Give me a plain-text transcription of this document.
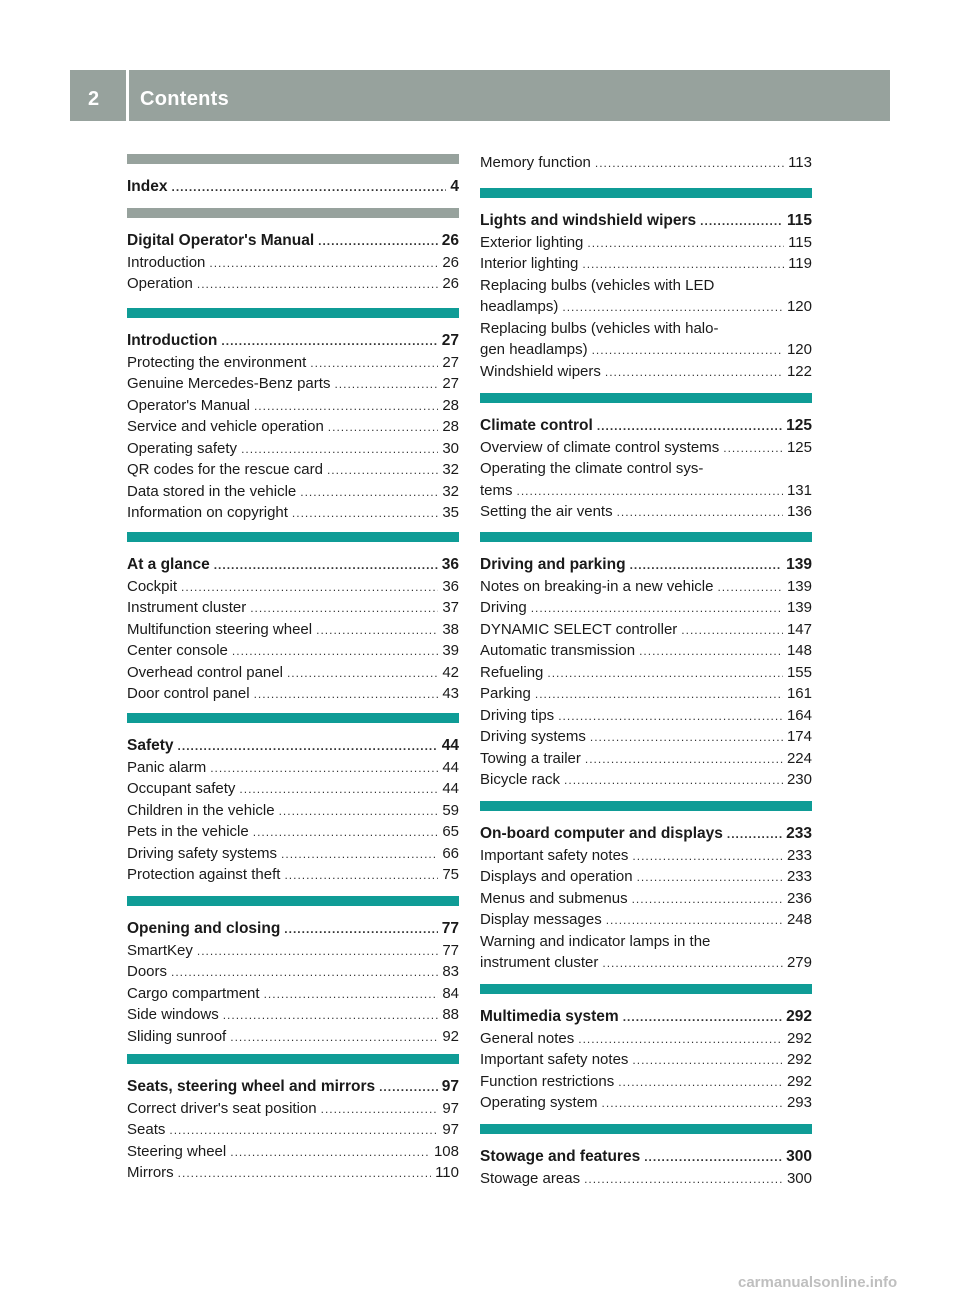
2 Contents
Index .....	4
Digital Operator's Manual .....	26
Introduction .....	26
Operation .....	26
Introduction .....	27
Protecting the environment .....	27
Genuine Mercedes-Benz parts .....	27
Operator's Manual .....	28
Service and vehicle operation .....	28
Operating safety .....	30
QR codes for the rescue card .....	32
Data stored in the vehicle .....	32
Information on copyright .....	35
At a glance .....	36
Cockpit .....	36
Instrument cluster .....	37
Multifunction steering wheel .....	38
Center console .....	39
Overhead control panel .....	42
Door control panel .....	43
Safety .....	44
Panic alarm .....	44
Occupant safety .....	44
Children in the vehicle .....	59
Pets in the vehicle .....	65
Driving safety systems .....	66
Protection against theft .....	75
Opening and closing .....	77
SmartKey .....	77
Doors .....	83
Cargo compartment .....	84
Side windows .....	88
Sliding sunroof .....	92
Seats, steering wheel and mirrors .....	97
Correct driver's seat position .....	97
Seats .....	97
Steering wheel .....	108
Mirrors .....	110
Memory function .....	113
Lights and windshield wipers .....	115
Exterior lighting .....	115
Interior lighting .....	119
Replacing bulbs (vehicles with LED
headlamps) .....	120
Replacing bulbs (vehicles with halo-
gen headlamps) .....	120
Windshield wipers .....	122
Climate control .....	125
Overview of climate control systems .....	125
Operating the climate control sys-
tems .....	131
Setting the air vents .....	136
Driving and parking .....	139
Notes on breaking-in a new vehicle .....	139
Driving .....	139
DYNAMIC SELECT controller .....	147
Automatic transmission .....	148
Refueling .....	155
Parking .....	161
Driving tips .....	164
Driving systems .....	174
Towing a trailer .....	224
Bicycle rack .....	230
On-board computer and displays .....	233
Important safety notes .....	233
Displays and operation .....	233
Menus and submenus .....	236
Display messages .....	248
Warning and indicator lamps in the
instrument cluster .....	279
Multimedia system .....	292
General notes .....	292
Important safety notes .....	292
Function restrictions .....	292
Operating system .....	293
Stowage and features .....	300
Stowage areas .....	300
carmanualsonline.info
